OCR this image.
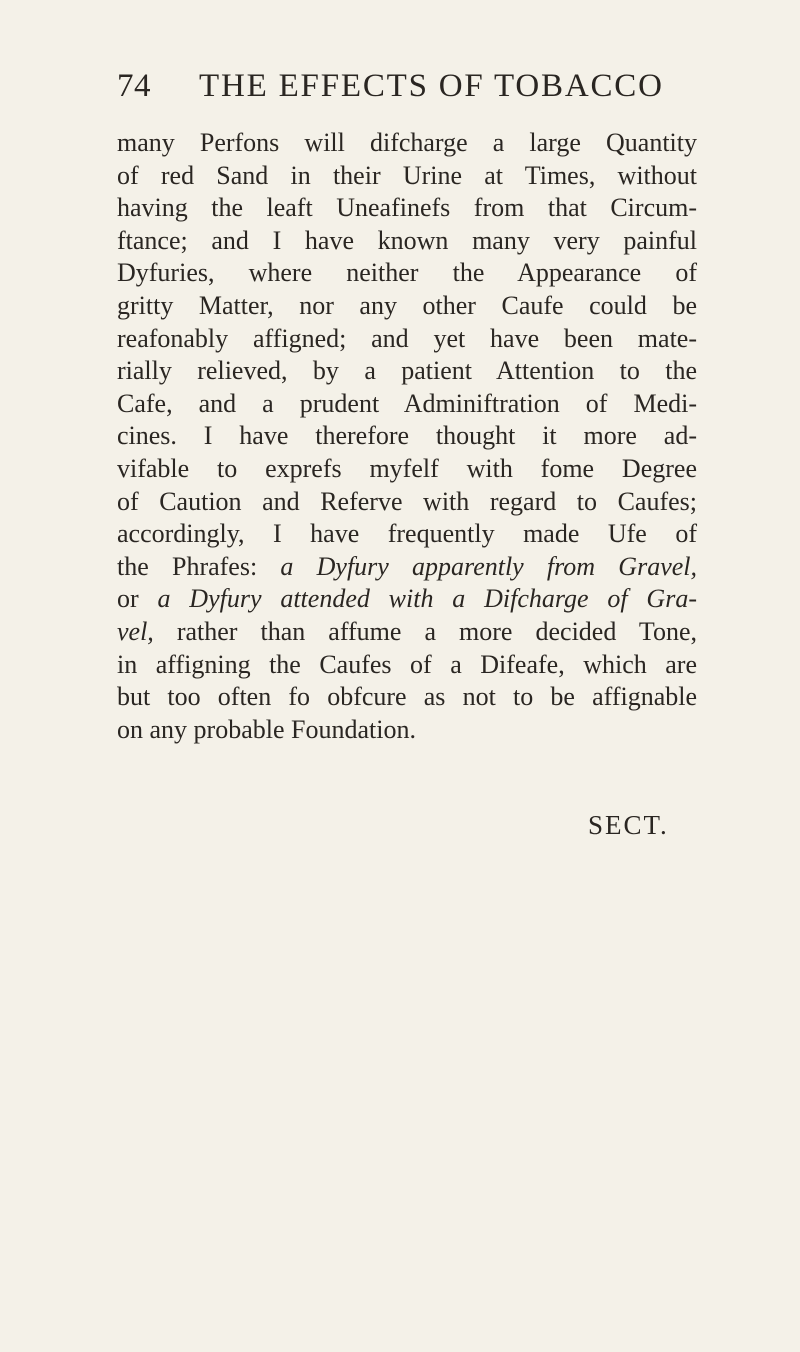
74	THE EFFECTS OF TOBACCO
many Perfons will difcharge a large Quantity
of red Sand in their Urine at Times, without
having the leaft Uneafinefs from that Circum-
ftance; and I have known many very painful
Dyfuries, where neither the Appearance of
gritty Matter, nor any other Caufe could be
reafonably affigned; and yet have been mate-
rially relieved, by a patient Attention to the
Cafe, and a prudent Adminiftration of Medi-
cines. I have therefore thought it more ad-
vifable to exprefs myfelf with fome Degree
of Caution and Referve with regard to Caufes;
accordingly, I have frequently made Ufe of
the Phrafes: a Dyfury apparently from Gravel,
or a Dyfury attended with a Difcharge of Gra-
vel, rather than affume a more decided Tone,
in affigning the Caufes of a Difeafe, which are
but too often fo obfcure as not to be affignable
on any probable Foundation.
SECT.
